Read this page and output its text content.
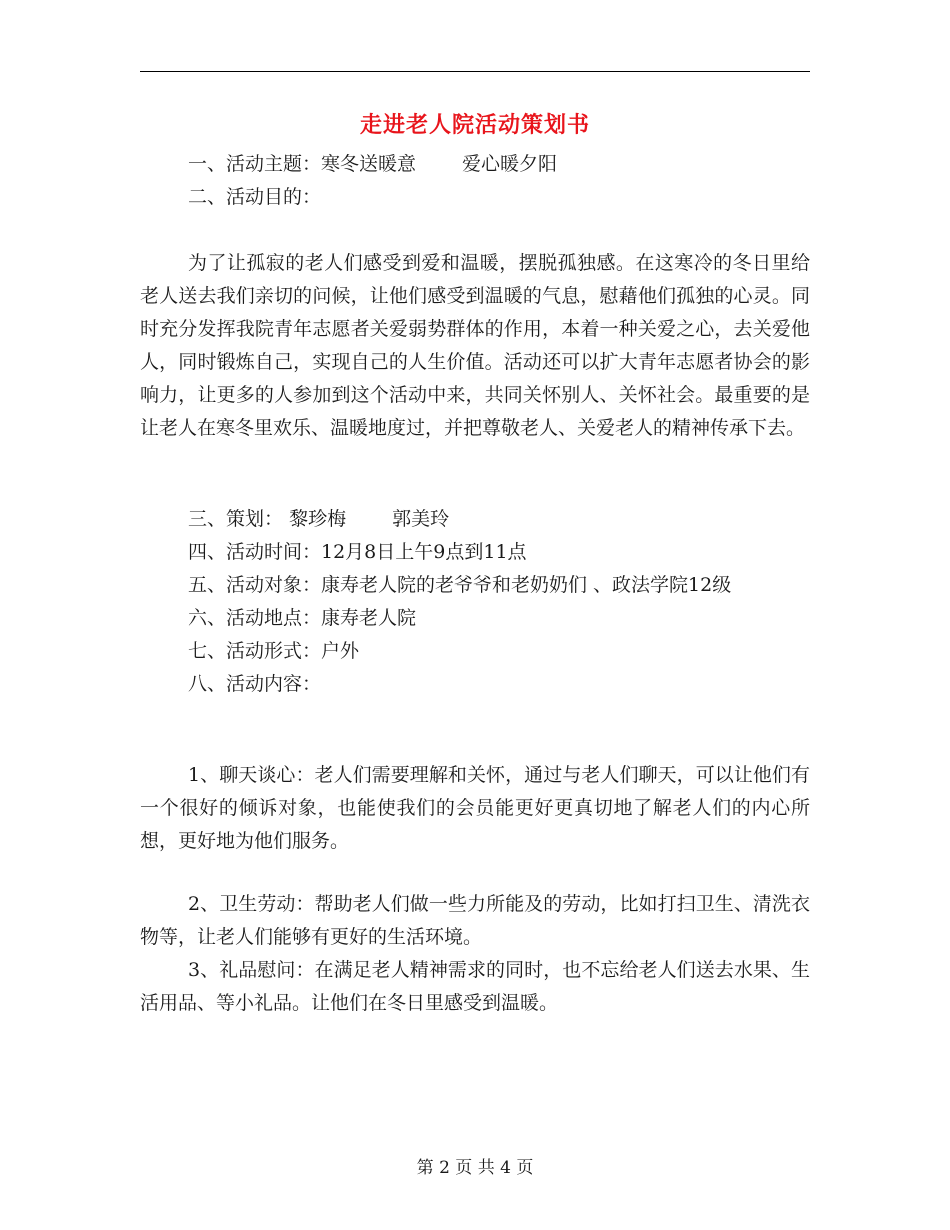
走进老人院活动策划书

一、活动主题：寒冬送暖意 爱心暖夕阳

二、活动目的：

为了让孤寂的老人们感受到爱和温暖，摆脱孤独感。在这寒冷的冬日里给老人送去我们亲切的问候，让他们感受到温暖的气息，慰藉他们孤独的心灵。同时充分发挥我院青年志愿者关爱弱势群体的作用，本着一种关爱之心，去关爱他人，同时锻炼自己，实现自己的人生价值。活动还可以扩大青年志愿者协会的影响力，让更多的人参加到这个活动中来，共同关怀别人、关怀社会。最重要的是让老人在寒冬里欢乐、温暖地度过，并把尊敬老人、关爱老人的精神传承下去。

三、策划： 黎珍梅 郭美玲

四、活动时间：12月8日上午9点到11点

五、活动对象：康寿老人院的老爷爷和老奶奶们 、政法学院12级

六、活动地点：康寿老人院

七、活动形式：户外

八、活动内容：

1、聊天谈心：老人们需要理解和关怀，通过与老人们聊天，可以让他们有一个很好的倾诉对象，也能使我们的会员能更好更真切地了解老人们的内心所想，更好地为他们服务。

2、卫生劳动：帮助老人们做一些力所能及的劳动，比如打扫卫生、清洗衣物等，让老人们能够有更好的生活环境。

3、礼品慰问：在满足老人精神需求的同时，也不忘给老人们送去水果、生活用品、等小礼品。让他们在冬日里感受到温暖。

第 2 页 共 4 页
